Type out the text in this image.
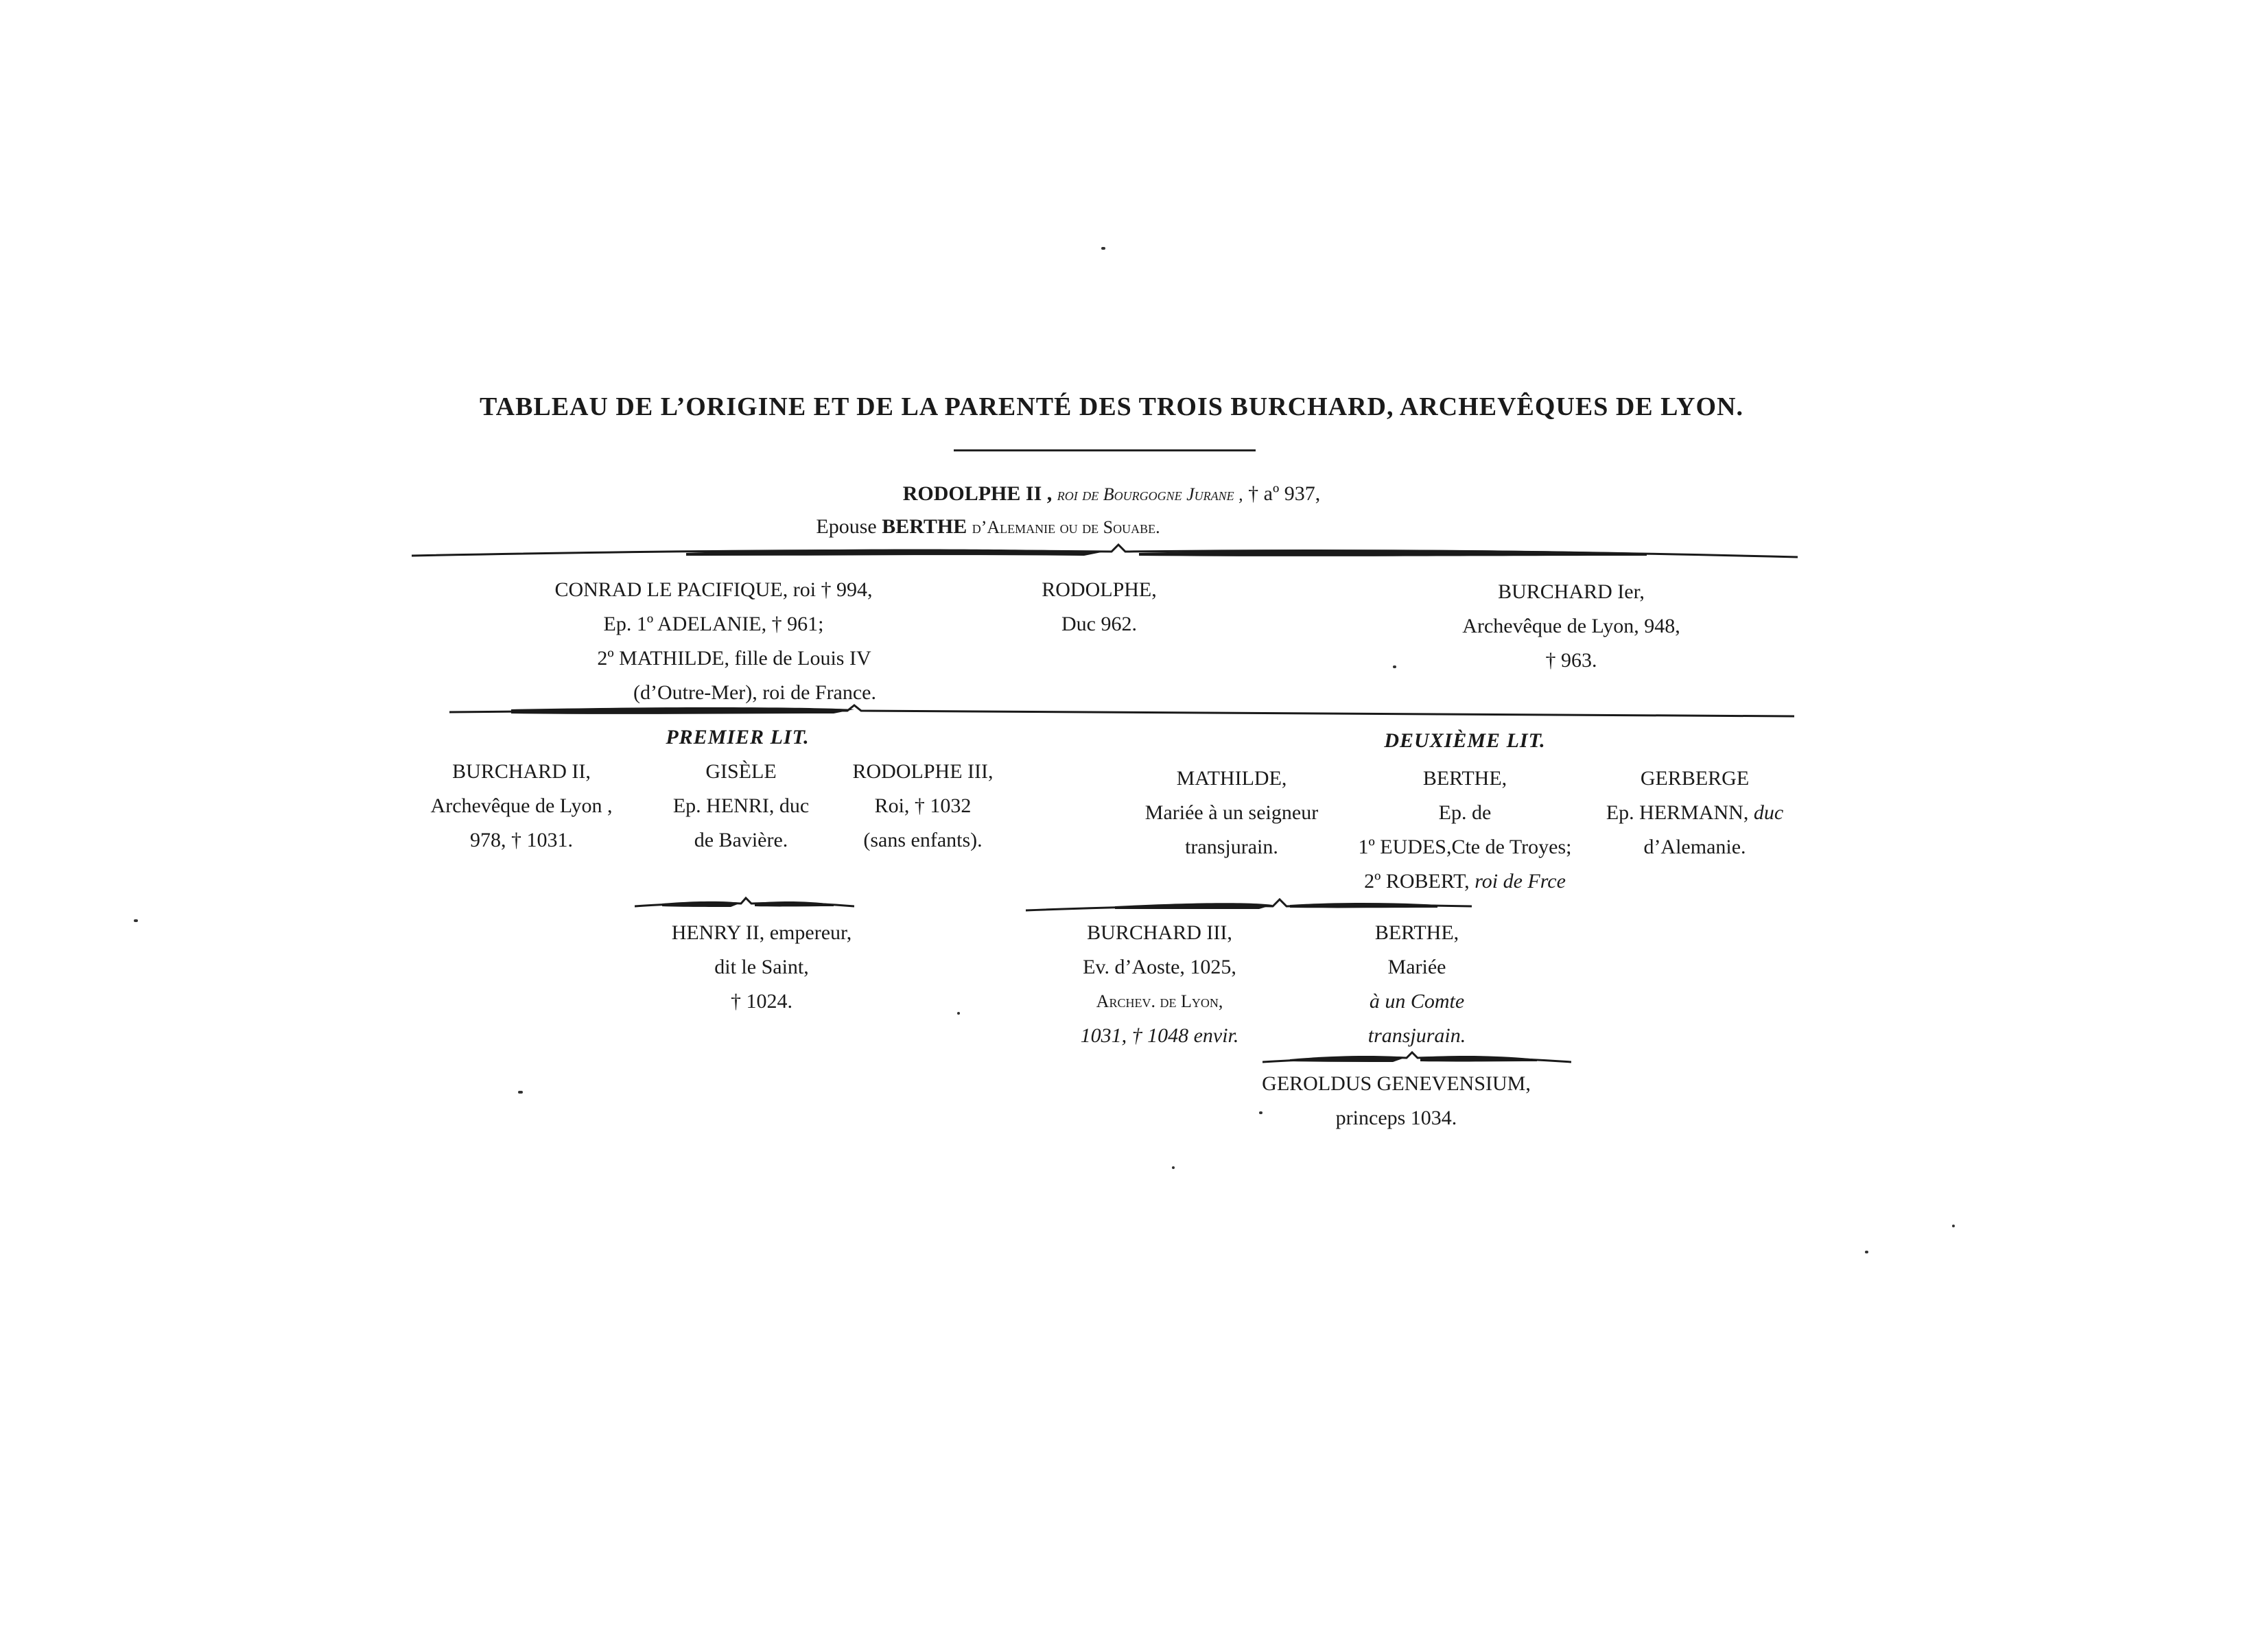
TABLEAU DE L’ORIGINE ET DE LA PARENTÉ DES TROIS BURCHARD, ARCHEVÊQUES DE LYON.
RODOLPHE II , roi de Bourgogne Jurane , † aº 937,
Epouse BERTHE d’Alemanie ou de Souabe.
CONRAD LE PACIFIQUE, roi † 994,
Ep. 1º ADELANIE, † 961;
2º MATHILDE, fille de Louis IV
(d’Outre-Mer), roi de France.
RODOLPHE,
Duc 962.
BURCHARD Ier,
Archevêque de Lyon, 948,
† 963.
PREMIER LIT.	DEUXIÈME LIT.
BURCHARD II,
Archevêque de Lyon ,
978, † 1031.
GISÈLE
Ep. HENRI, duc
de Bavière.
RODOLPHE III,
Roi, † 1032
(sans enfants).
MATHILDE,
Mariée à un seigneur
transjurain.
BERTHE,
Ep. de
1º EUDES,Cte de Troyes;
2º ROBERT, roi de Frce
GERBERGE
Ep. HERMANN, duc
d’Alemanie.
HENRY II, empereur,
dit le Saint,
† 1024.
BURCHARD III,
Ev. d’Aoste, 1025,
Archev. de Lyon,
1031, † 1048 envir.
BERTHE,
Mariée
à un Comte
transjurain.
GEROLDUS GENEVENSIUM,
princeps 1034.
